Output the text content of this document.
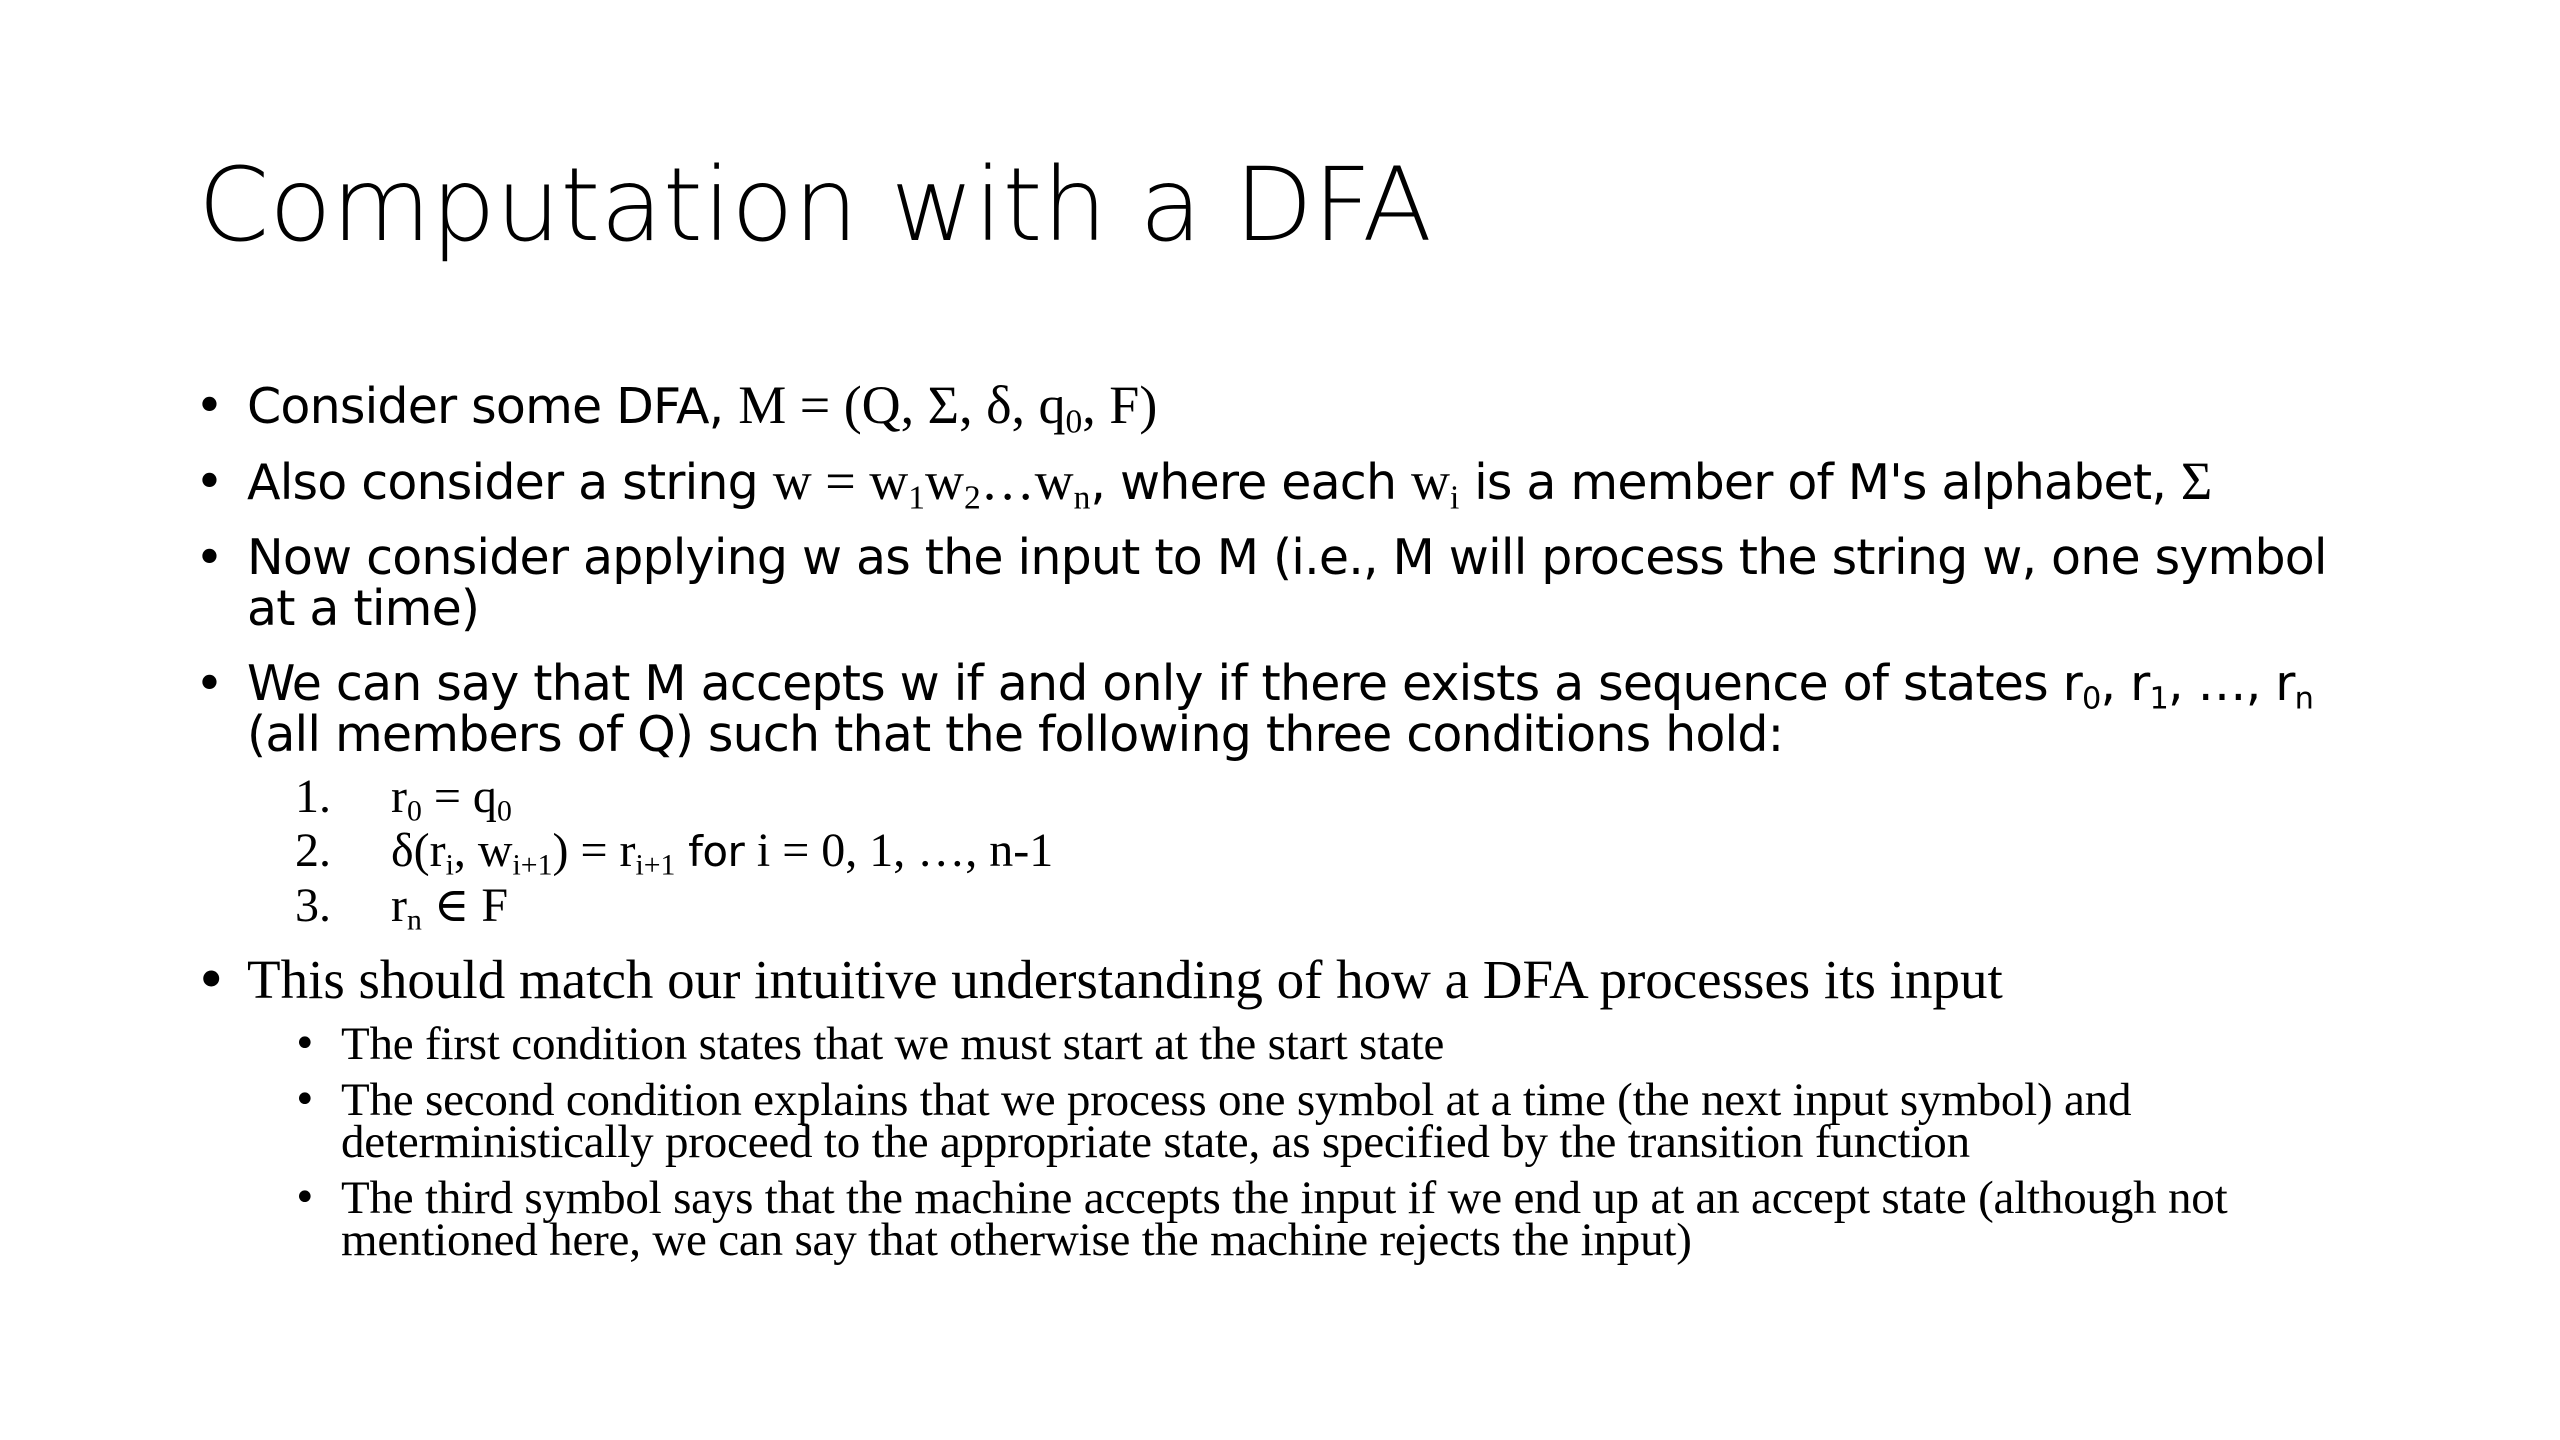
Computation with a DFA
• Consider some DFA, M = (Q, Σ, δ, $q_0$, F)
• Also consider a string $w = w_1w_2\dots w_n$, where each $w_i$ is a member of M's alphabet, Σ
• Now consider applying w as the input to M (i.e., M will process the string w, one symbol at a time)
• We can say that M accepts w if and only if there exists a sequence of states $r_0$, $r_1$, …, $r_n$ (all members of Q) such that the following three conditions hold:
1.	$r_0 = q_0$
2.	$\delta(r_i$, $w_{i+1}) = r_{i+1}$ for i = 0, 1, …, n-1
3.	$r_n$ ∈ F
• This should match our intuitive understanding of how a DFA processes its input
• The first condition states that we must start at the start state
• The second condition explains that we process one symbol at a time (the next input symbol) and deterministically proceed to the appropriate state, as specified by the transition function
• The third symbol says that the machine accepts the input if we end up at an accept state (although not mentioned here, we can say that otherwise the machine rejects the input)
